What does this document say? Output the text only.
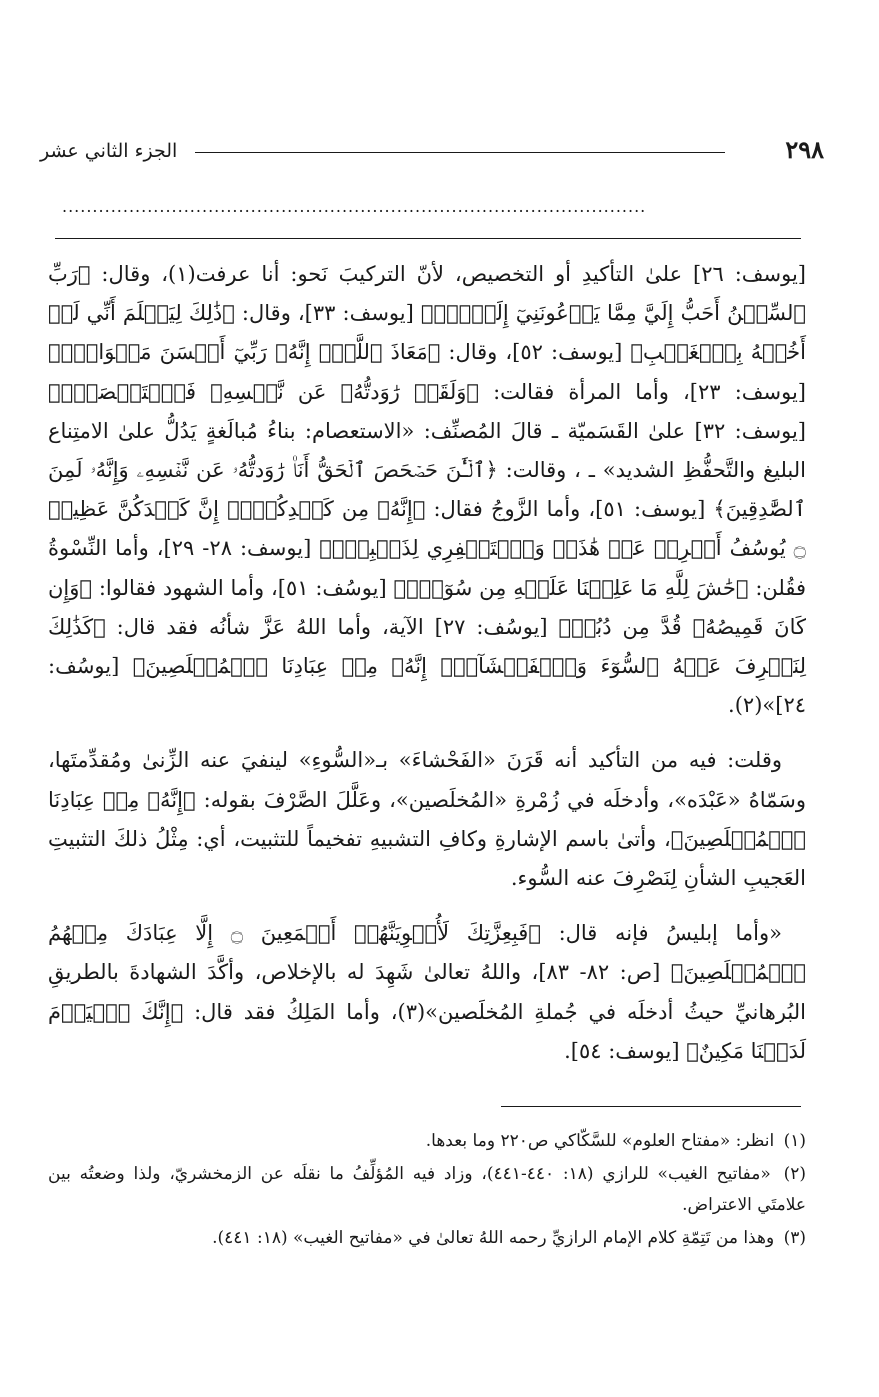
٢٩٨
الجزء الثاني عشر
................................................................................................

[يوسف: ٢٦] علىٰ التأكيدِ أو التخصيص، لأنّ التركيبَ نَحو: أنا عرفت(١)، وقال: ﴿رَبِّ ٱلسِّجۡنُ أَحَبُّ إِلَيَّ مِمَّا يَدۡعُونَنِيٓ إِلَيۡهِۖ﴾ [يوسف: ٣٣]، وقال: ﴿ذَٰلِكَ لِيَعۡلَمَ أَنِّي لَمۡ أَخُنۡهُ بِٱلۡغَيۡبِ﴾ [يوسف: ٥٢]، وقال: ﴿مَعَاذَ ٱللَّهِۖ إِنَّهُۥ رَبِّيٓ أَحۡسَنَ مَثۡوَايَۖ﴾ [يوسف: ٢٣]، وأما المرأة فقالت: ﴿وَلَقَدۡ رَٰوَدتُّهُۥ عَن نَّفۡسِهِۦ فَٱسۡتَعۡصَمَۖ﴾ [يوسف: ٣٢] علىٰ القَسَميّة ـ قالَ المُصنِّف: «الاستعصام: بناءُ مُبالَغةٍ يَدُلُّ علىٰ الامتِناع البليغ والتَّحفُّظِ الشديد» ـ ، وقالت: ﴿ٱلۡـَٰٔنَ حَصۡحَصَ ٱلۡحَقُّ أَنَا۠ رَٰوَدتُّهُۥ عَن نَّفۡسِهِۦ وَإِنَّهُۥ لَمِنَ ٱلصَّٰدِقِينَ﴾ [يوسف: ٥١]، وأما الزَّوجُ فقال: ﴿إِنَّهُۥ مِن كَيۡدِكُنَّۖ إِنَّ كَيۡدَكُنَّ عَظِيمٞ ۝ يُوسُفُ أَعۡرِضۡ عَنۡ هَٰذَاۚ وَٱسۡتَغۡفِرِي لِذَنۢبِكِۖ﴾ [يوسف: ٢٨- ٢٩]، وأما النِّسْوةُ فقُلن: ﴿حَٰشَ لِلَّهِ مَا عَلِمۡنَا عَلَيۡهِ مِن سُوٓءٖۚ﴾ [يوسُف: ٥١]، وأما الشهود فقالوا: ﴿وَإِن كَانَ قَمِيصُهُۥ قُدَّ مِن دُبُرٖ﴾ [يوسُف: ٢٧] الآية، وأما اللهُ عَزَّ شأنُه فقد قال: ﴿كَذَٰلِكَ لِنَصۡرِفَ عَنۡهُ ٱلسُّوٓءَ وَٱلۡفَحۡشَآءَۚ إِنَّهُۥ مِنۡ عِبَادِنَا ٱلۡمُخۡلَصِينَ﴾ [يوسُف: ٢٤]»(٢).

وقلت: فيه من التأكيد أنه قَرَنَ «الفَحْشاءَ» بـ«السُّوءِ» لينفيَ عنه الزِّنىٰ ومُقدِّمتَها، وسَمّاهُ «عَبْدَه»، وأدخلَه في زُمْرةِ «المُخلَصين»، وعَلَّلَ الصَّرْفَ بقوله: ﴿إِنَّهُۥ مِنۡ عِبَادِنَا ٱلۡمُخۡلَصِينَ﴾، وأتىٰ باسم الإشارةِ وكافِ التشبيهِ تفخيماً للتثبيت، أي: مِثْلُ ذلكَ التثبيتِ العَجيبِ الشأنِ لِنَصْرِفَ عنه السُّوء.

«وأما إبليسُ فإنه قال: ﴿فَبِعِزَّتِكَ لَأُغۡوِيَنَّهُمۡ أَجۡمَعِينَ ۝ إِلَّا عِبَادَكَ مِنۡهُمُ ٱلۡمُخۡلَصِينَ﴾ [ص: ٨٢- ٨٣]، واللهُ تعالىٰ شَهِدَ له بالإخلاص، وأكَّدَ الشهادةَ بالطريقِ البُرهانيِّ حيثُ أدخلَه في جُملةِ المُخلَصين»(٣)، وأما المَلِكُ فقد قال: ﴿إِنَّكَ ٱلۡيَوۡمَ لَدَيۡنَا مَكِينٌ﴾ [يوسف: ٥٤].

(١) انظر: «مفتاح العلوم» للسَّكّاكي ص٢٢٠ وما بعدها.

(٢) «مفاتيح الغيب» للرازي (١٨: ٤٤٠-٤٤١)، وزاد فيه المُؤلِّفُ ما نقلَه عن الزمخشريّ، ولذا وضعتُه بين علامتَي الاعتراض.

(٣) وهذا من تَتِمّةِ كلام الإمام الرازيِّ رحمه اللهُ تعالىٰ في «مفاتيح الغيب» (١٨: ٤٤١).
